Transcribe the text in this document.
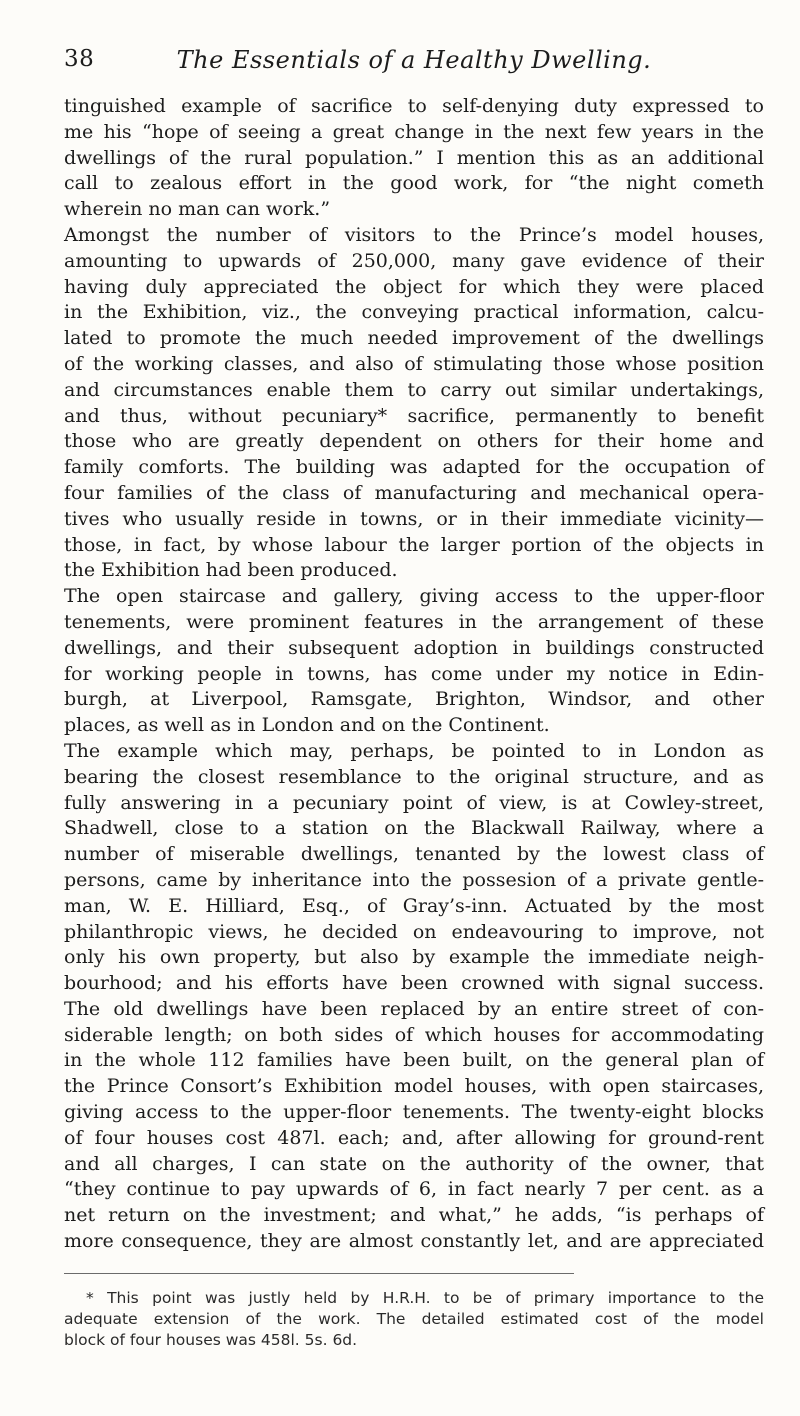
38	The Essentials of a Healthy Dwelling.

tinguished example of sacrifice to self-denying duty expressed to
me his “hope of seeing a great change in the next few years in the
dwellings of the rural population.” I mention this as an additional
call to zealous effort in the good work, for “the night cometh
wherein no man can work.”

Amongst the number of visitors to the Prince’s model houses,
amounting to upwards of 250,000, many gave evidence of their
having duly appreciated the object for which they were placed
in the Exhibition, viz., the conveying practical information, calcu-
lated to promote the much needed improvement of the dwellings
of the working classes, and also of stimulating those whose position
and circumstances enable them to carry out similar undertakings,
and thus, without pecuniary* sacrifice, permanently to benefit
those who are greatly dependent on others for their home and
family comforts. The building was adapted for the occupation of
four families of the class of manufacturing and mechanical opera-
tives who usually reside in towns, or in their immediate vicinity—
those, in fact, by whose labour the larger portion of the objects in
the Exhibition had been produced.

The open staircase and gallery, giving access to the upper-floor
tenements, were prominent features in the arrangement of these
dwellings, and their subsequent adoption in buildings constructed
for working people in towns, has come under my notice in Edin-
burgh, at Liverpool, Ramsgate, Brighton, Windsor, and other
places, as well as in London and on the Continent.

The example which may, perhaps, be pointed to in London as
bearing the closest resemblance to the original structure, and as
fully answering in a pecuniary point of view, is at Cowley-street,
Shadwell, close to a station on the Blackwall Railway, where a
number of miserable dwellings, tenanted by the lowest class of
persons, came by inheritance into the possesion of a private gentle-
man, W. E. Hilliard, Esq., of Gray’s-inn. Actuated by the most
philanthropic views, he decided on endeavouring to improve, not
only his own property, but also by example the immediate neigh-
bourhood; and his efforts have been crowned with signal success.
The old dwellings have been replaced by an entire street of con-
siderable length; on both sides of which houses for accommodating
in the whole 112 families have been built, on the general plan of
the Prince Consort’s Exhibition model houses, with open staircases,
giving access to the upper-floor tenements. The twenty-eight blocks
of four houses cost 487l. each; and, after allowing for ground-rent
and all charges, I can state on the authority of the owner, that
“they continue to pay upwards of 6, in fact nearly 7 per cent. as a
net return on the investment; and what,” he adds, “is perhaps of
more consequence, they are almost constantly let, and are appreciated

* This point was justly held by H.R.H. to be of primary importance to the
adequate extension of the work. The detailed estimated cost of the model
block of four houses was 458l. 5s. 6d.
